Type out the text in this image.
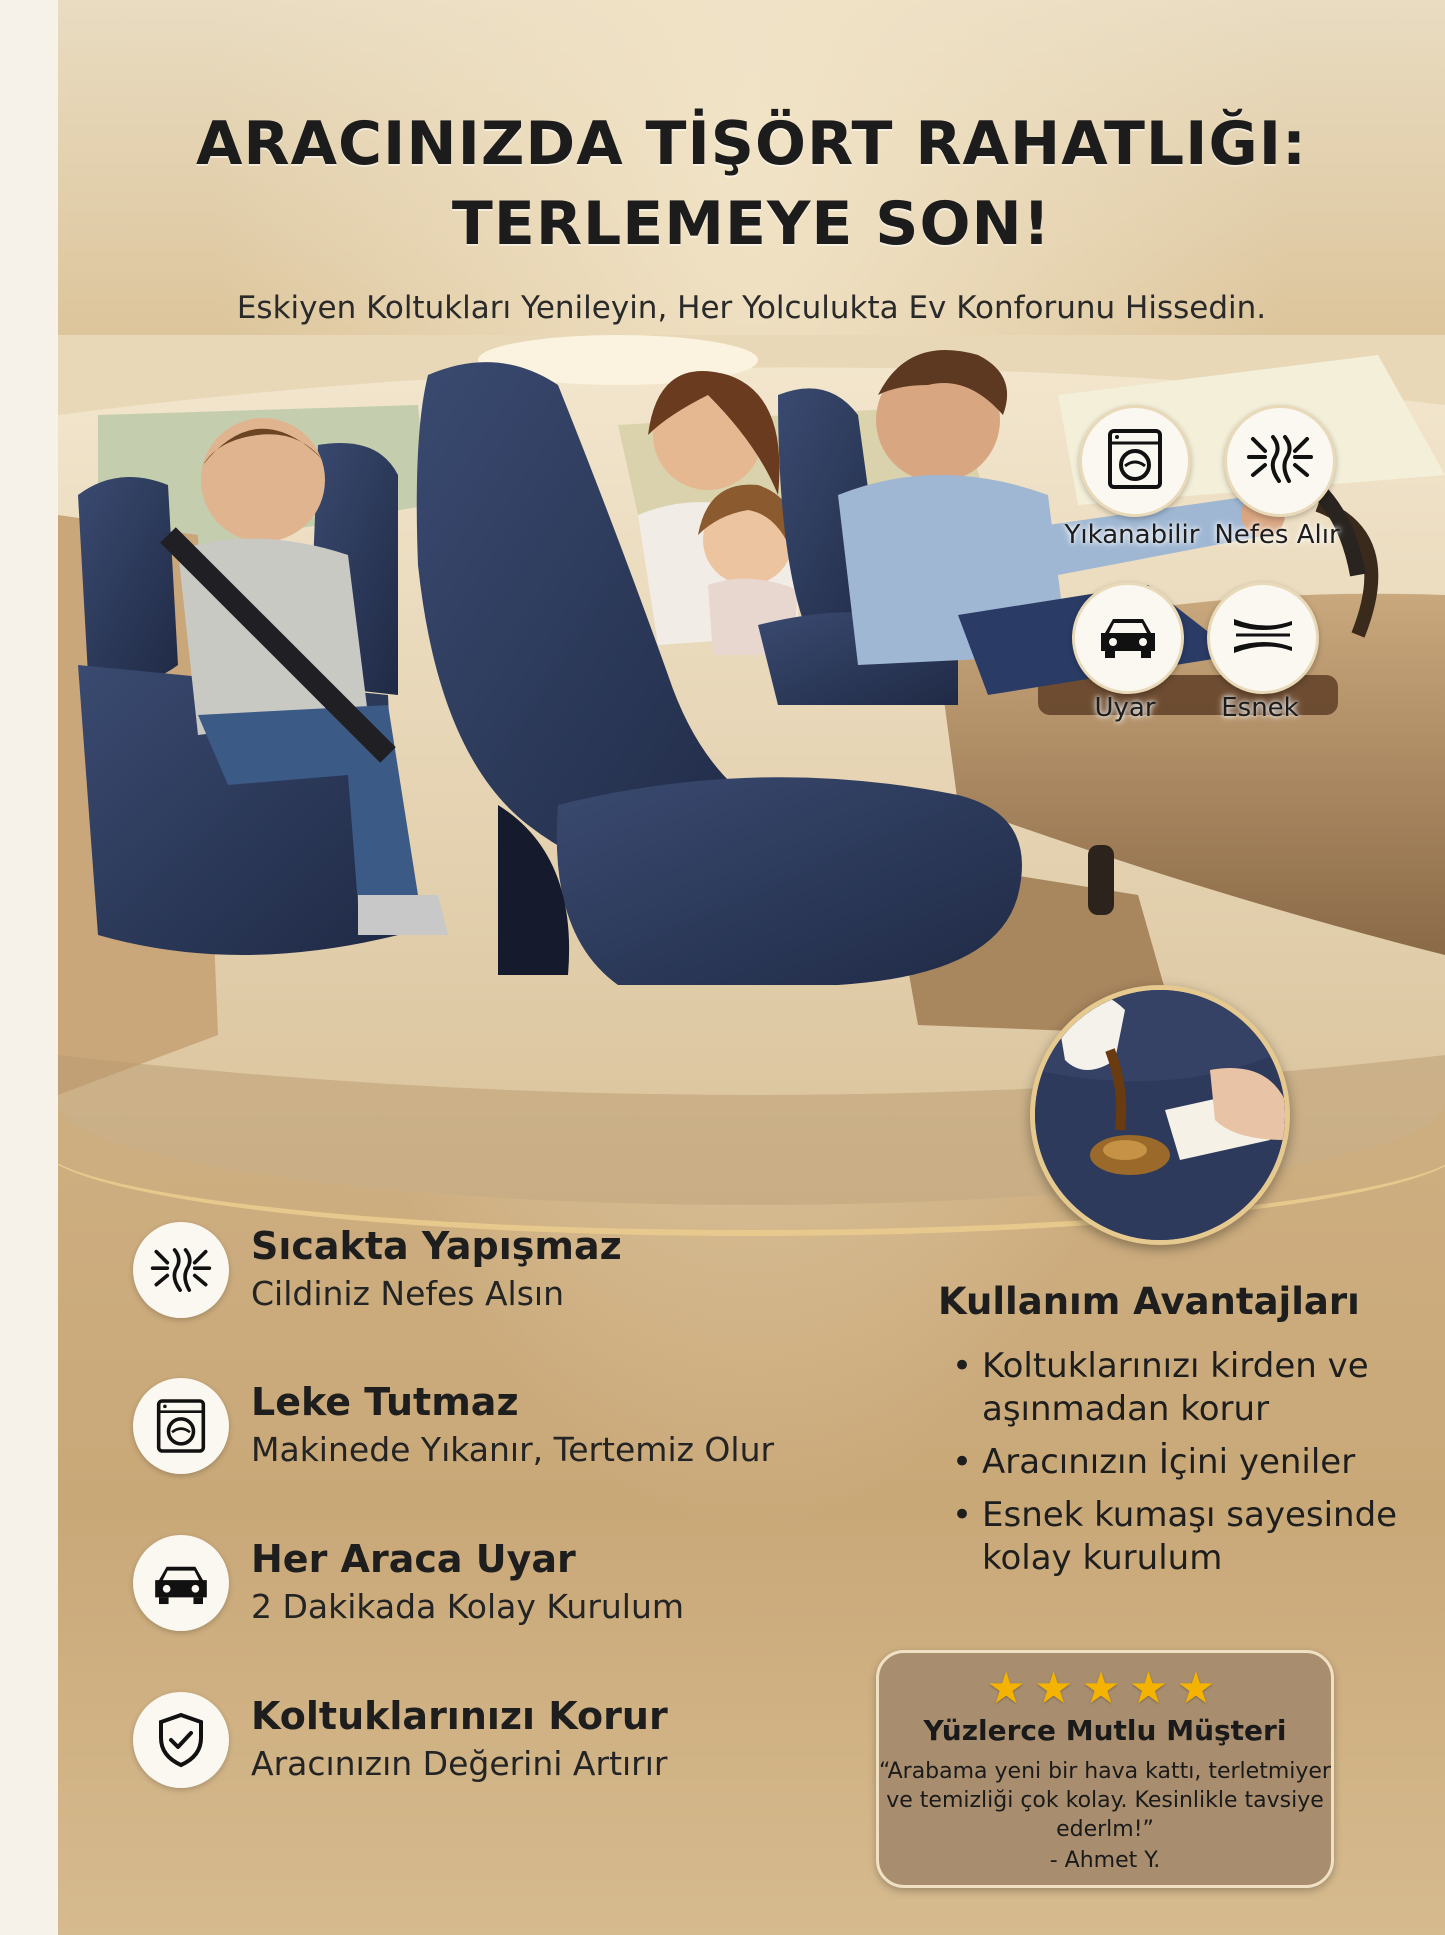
ARACINIZDA TİŞÖRT RAHATLIĞI:
TERLEMEYE SON!
Eskiyen Koltukları Yenileyin, Her Yolculukta Ev Konforunu Hissedin.
Yıkanabilir Nefes Alır
Uyar	Esnek
Sıcakta Yapışmaz
Cildiniz Nefes Alsın
Leke Tutmaz
Makinede Yıkanır, Tertemiz Olur
Her Araca Uyar
2 Dakikada Kolay Kurulum
Koltuklarınızı Korur
Aracınızın Değerini Artırır
Kullanım Avantajları
• Koltuklarınızı kirden ve aşınmadan korur
• Aracınızın İçini yeniler
• Esnek kumaşı sayesinde kolay kurulum
★★★★★
Yüzlerce Mutlu Müşteri
“Arabama yeni bir hava kattı, terletmiyer ve temizliği çok kolay. Kesinlikle tavsiye ederlm!”
- Ahmet Y.
